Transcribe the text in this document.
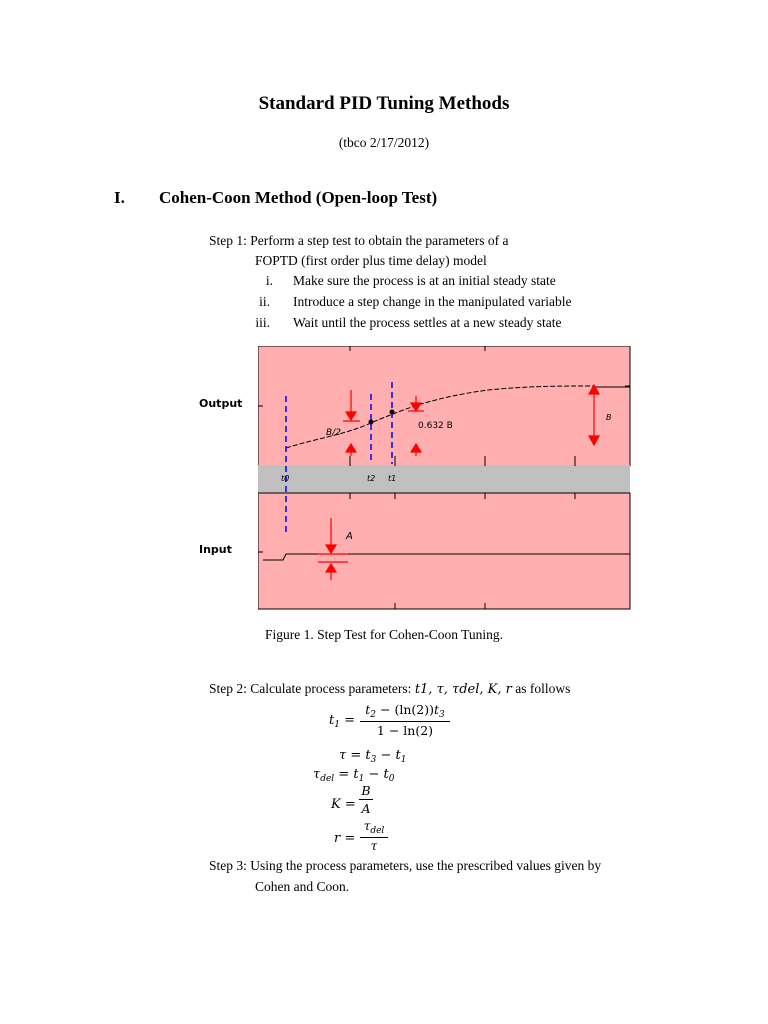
Standard PID Tuning Methods
(tbco 2/17/2012)
I. Cohen-Coon Method (Open-loop Test)
Step 1: Perform a step test to obtain the parameters of a
FOPTD (first order plus time delay) model
i. Make sure the process is at an initial steady state
ii. Introduce a step change in the manipulated variable
iii. Wait until the process settles at a new steady state
Output
Input
B/2
0.632 B
B
A
t0	t2 t1
Figure 1. Step Test for Cohen-Coon Tuning.
Step 2: Calculate process parameters: t1, τ, τdel, K, r as follows
$t_1$ =
$t_2 - (\ln(2))t_3$
1 − ln(2)
$\tau = t_3 - t_1$
$\tau_{del} = t_1 - t_0$
K =
B
A
r =
$\tau_{del}$
τ
Step 3: Using the process parameters, use the prescribed values given by
Cohen and Coon.
